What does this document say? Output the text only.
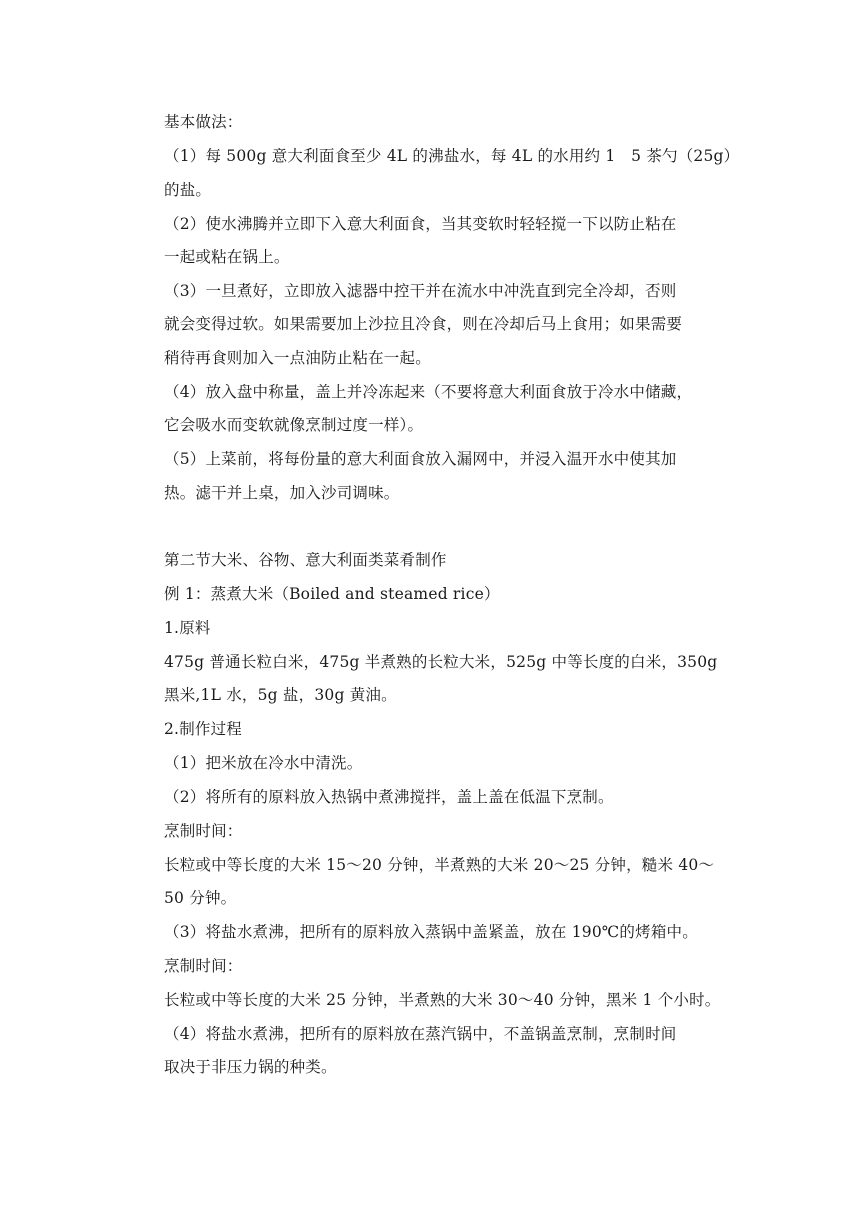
基本做法：
（1）每 500g 意大利面食至少 4L 的沸盐水，每 4L 的水用约 1　5 茶勺（25g）
的盐。
（2）使水沸腾并立即下入意大利面食，当其变软时轻轻搅一下以防止粘在
一起或粘在锅上。
（3）一旦煮好，立即放入滤器中控干并在流水中冲洗直到完全冷却，否则
就会变得过软。如果需要加上沙拉且冷食，则在冷却后马上食用；如果需要
稍待再食则加入一点油防止粘在一起。
（4）放入盘中称量，盖上并冷冻起来（不要将意大利面食放于冷水中储藏，
它会吸水而变软就像烹制过度一样）。
（5）上菜前，将每份量的意大利面食放入漏网中，并浸入温开水中使其加
热。滤干并上桌，加入沙司调味。
第二节大米、谷物、意大利面类菜肴制作
例 1：蒸煮大米（Boiled and steamed rice）
1.原料
475g 普通长粒白米，475g 半煮熟的长粒大米，525g 中等长度的白米，350g
黑米,1L 水，5g 盐，30g 黄油。
2.制作过程
（1）把米放在冷水中清洗。
（2）将所有的原料放入热锅中煮沸搅拌，盖上盖在低温下烹制。
烹制时间：
长粒或中等长度的大米 15～20 分钟，半煮熟的大米 20～25 分钟，糙米 40～
50 分钟。
（3）将盐水煮沸，把所有的原料放入蒸锅中盖紧盖，放在 190℃的烤箱中。
烹制时间：
长粒或中等长度的大米 25 分钟，半煮熟的大米 30～40 分钟，黑米 1 个小时。
（4）将盐水煮沸，把所有的原料放在蒸汽锅中，不盖锅盖烹制，烹制时间
取决于非压力锅的种类。
